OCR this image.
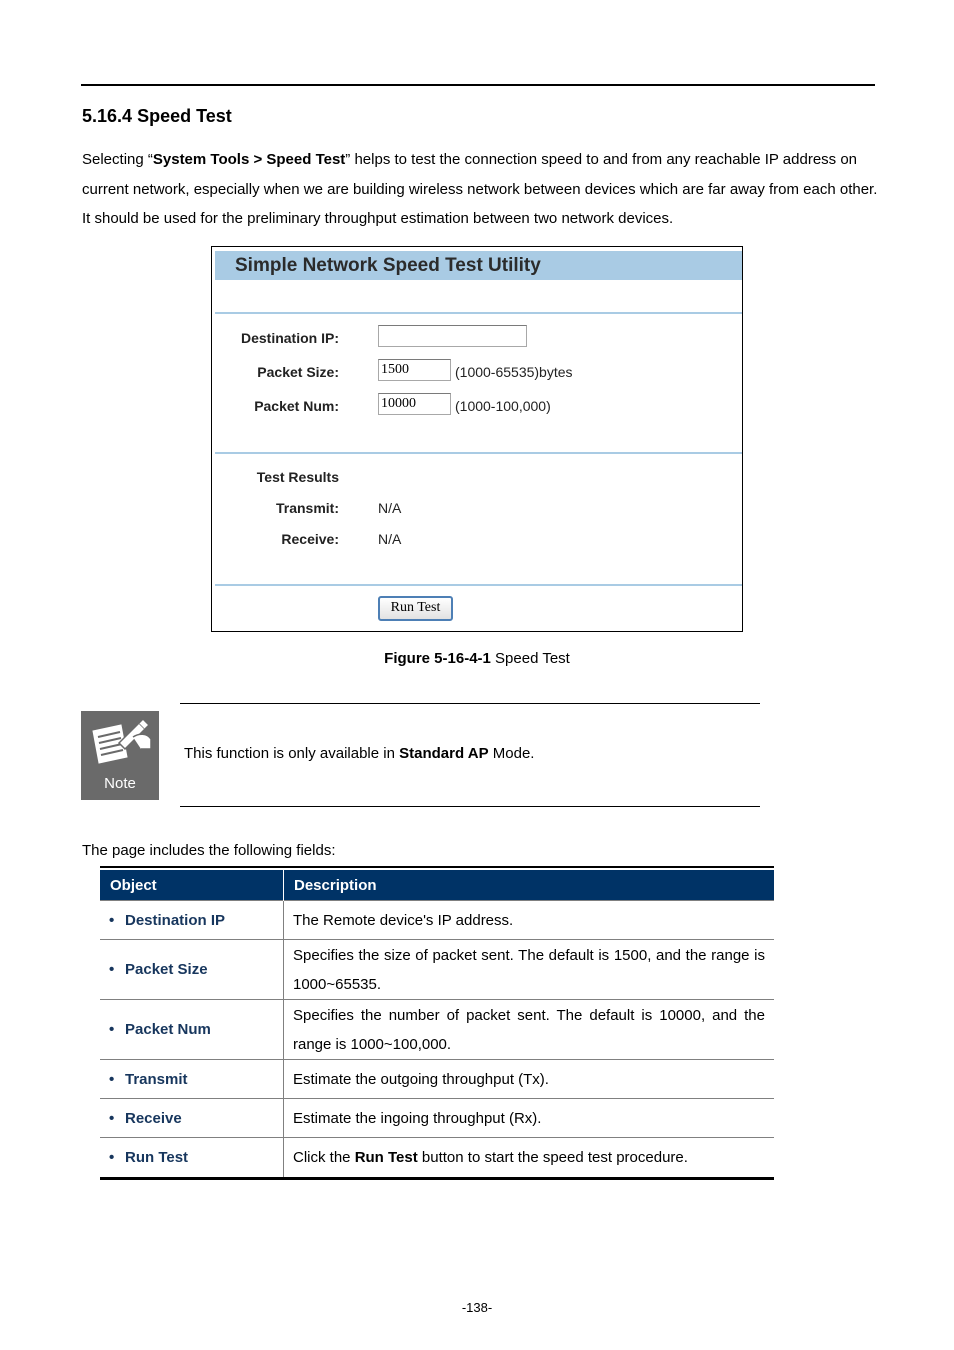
5.16.4 Speed Test

Selecting “System Tools > Speed Test” helps to test the connection speed to and from any reachable IP address on current network, especially when we are building wireless network between devices which are far away from each other. It should be used for the preliminary throughput estimation between two network devices.

Simple Network Speed Test Utility
Destination IP:
Packet Size:
1500	(1000-65535)bytes
Packet Num:
10000	(1000-100,000)
Test Results
Transmit:	N/A
Receive:	N/A
Run Test
Figure 5-16-4-1 Speed Test
Note
This function is only available in Standard AP Mode.
The page includes the following fields:
Object	Description
• Destination IP	The Remote device's IP address.
• Packet Size	Specifies the size of packet sent. The default is 1500, and the range is 1000~65535.
• Packet Num	Specifies the number of packet sent. The default is 10000, and the range is 1000~100,000.
• Transmit	Estimate the outgoing throughput (Tx).
• Receive	Estimate the ingoing throughput (Rx).
• Run Test	Click the Run Test button to start the speed test procedure.
-138-
